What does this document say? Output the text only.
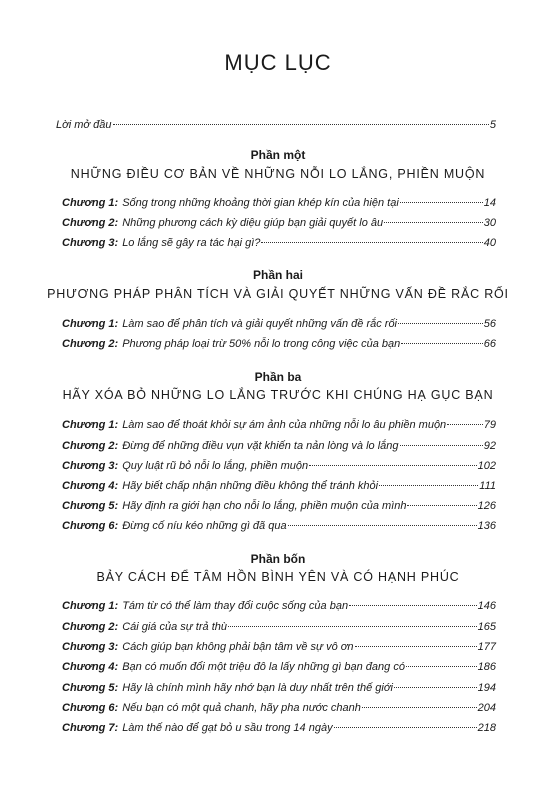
MỤC LỤC
Lời mở đầu	5
Phần một
NHỮNG ĐIỀU CƠ BẢN VỀ NHỮNG NỖI LO LẮNG, PHIỀN MUỘN
Chương 1: Sống trong những khoảng thời gian khép kín của hiện tại	14
Chương 2: Những phương cách kỳ diệu giúp bạn giải quyết lo âu	30
Chương 3: Lo lắng sẽ gây ra tác hại gì?	40
Phần hai
PHƯƠNG PHÁP PHÂN TÍCH VÀ GIẢI QUYẾT NHỮNG VẤN ĐỀ RẮC RỐI
Chương 1: Làm sao để phân tích và giải quyết những vấn đề rắc rối	56
Chương 2: Phương pháp loại trừ 50% nỗi lo trong công việc của bạn	66
Phần ba
HÃY XÓA BỎ NHỮNG LO LẮNG TRƯỚC KHI CHÚNG HẠ GỤC BẠN
Chương 1: Làm sao để thoát khỏi sự ám ảnh của những nỗi lo âu phiền muộn	79
Chương 2: Đừng để những điều vụn vặt khiến ta nản lòng và lo lắng	92
Chương 3: Quy luật rũ bỏ nỗi lo lắng, phiền muộn	102
Chương 4: Hãy biết chấp nhận những điều không thể tránh khỏi	111
Chương 5: Hãy định ra giới hạn cho nỗi lo lắng, phiền muộn của mình	126
Chương 6: Đừng cố níu kéo những gì đã qua	136
Phần bốn
BẢY CÁCH ĐỂ TÂM HỒN BÌNH YÊN VÀ CÓ HẠNH PHÚC
Chương 1: Tám từ có thể làm thay đổi cuộc sống của bạn	146
Chương 2: Cái giá của sự trả thù	165
Chương 3: Cách giúp bạn không phải bận tâm về sự vô ơn	177
Chương 4: Bạn có muốn đổi một triệu đô la lấy những gì bạn đang có	186
Chương 5: Hãy là chính mình hãy nhớ bạn là duy nhất trên thế giới	194
Chương 6: Nếu bạn có một quả chanh, hãy pha nước chanh	204
Chương 7: Làm thế nào để gạt bỏ u sầu trong 14 ngày	218
